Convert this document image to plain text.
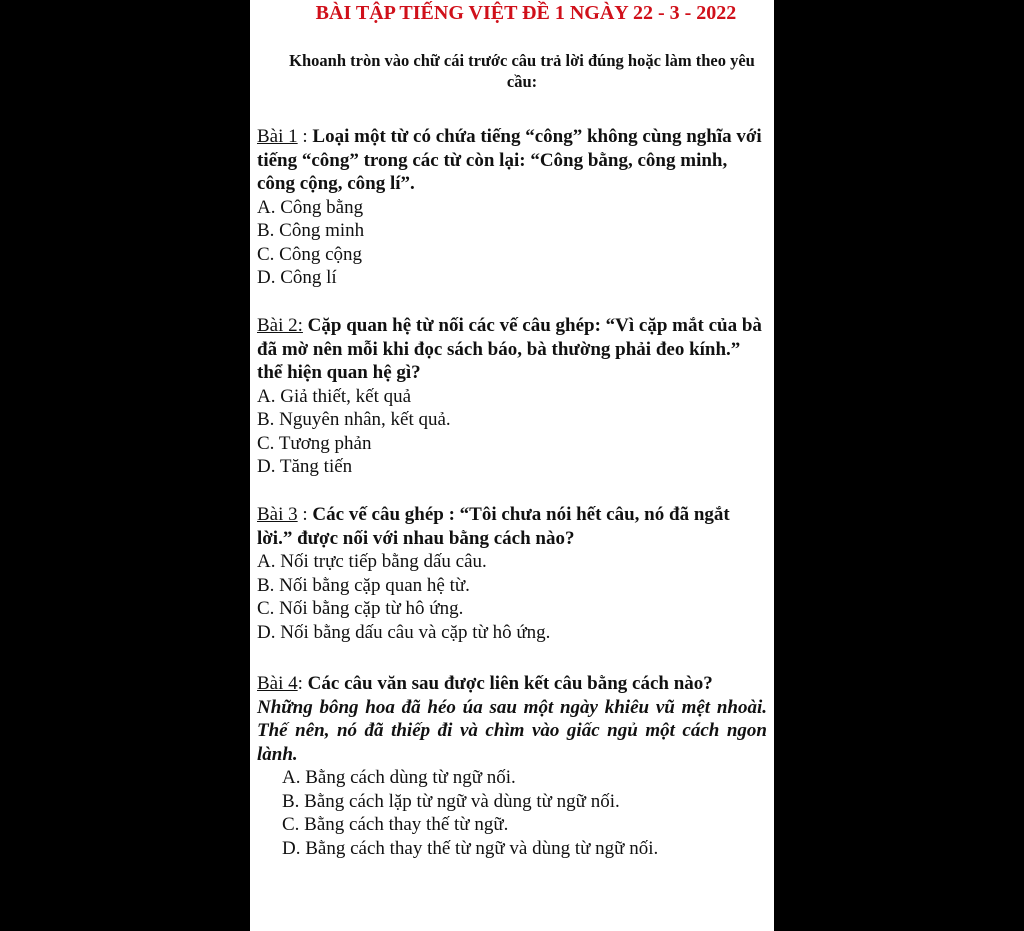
BÀI TẬP TIẾNG VIỆT ĐỀ 1 NGÀY 22 - 3 - 2022
Khoanh tròn vào chữ cái trước câu trả lời đúng hoặc làm theo yêu cầu:
Bài 1 : Loại một từ có chứa tiếng “công” không cùng nghĩa với tiếng “công” trong các từ còn lại: “Công bằng, công minh, công cộng, công lí”.
A. Công bằng
B. Công minh
C. Công cộng
D. Công lí
Bài 2: Cặp quan hệ từ nối các vế câu ghép: “Vì cặp mắt của bà đã mờ nên mỗi khi đọc sách báo, bà thường phải đeo kính.” thể hiện quan hệ gì?
A. Giả thiết, kết quả
B. Nguyên nhân, kết quả.
C. Tương phản
D. Tăng tiến
Bài 3 : Các vế câu ghép : “Tôi chưa nói hết câu, nó đã ngắt lời.” được nối với nhau bằng cách nào?
A. Nối trực tiếp bằng dấu câu.
B. Nối bằng cặp quan hệ từ.
C. Nối bằng cặp từ hô ứng.
D. Nối bằng dấu câu và cặp từ hô ứng.
Bài 4: Các câu văn sau được liên kết câu bằng cách nào?
Những bông hoa đã héo úa sau một ngày khiêu vũ mệt nhoài. Thế nên, nó đã thiếp đi và chìm vào giấc ngủ một cách ngon lành.
A. Bằng cách dùng từ ngữ nối.
B. Bằng cách lặp từ ngữ và dùng từ ngữ nối.
C. Bằng cách thay thế từ ngữ.
D. Bằng cách thay thế từ ngữ và dùng từ ngữ nối.
